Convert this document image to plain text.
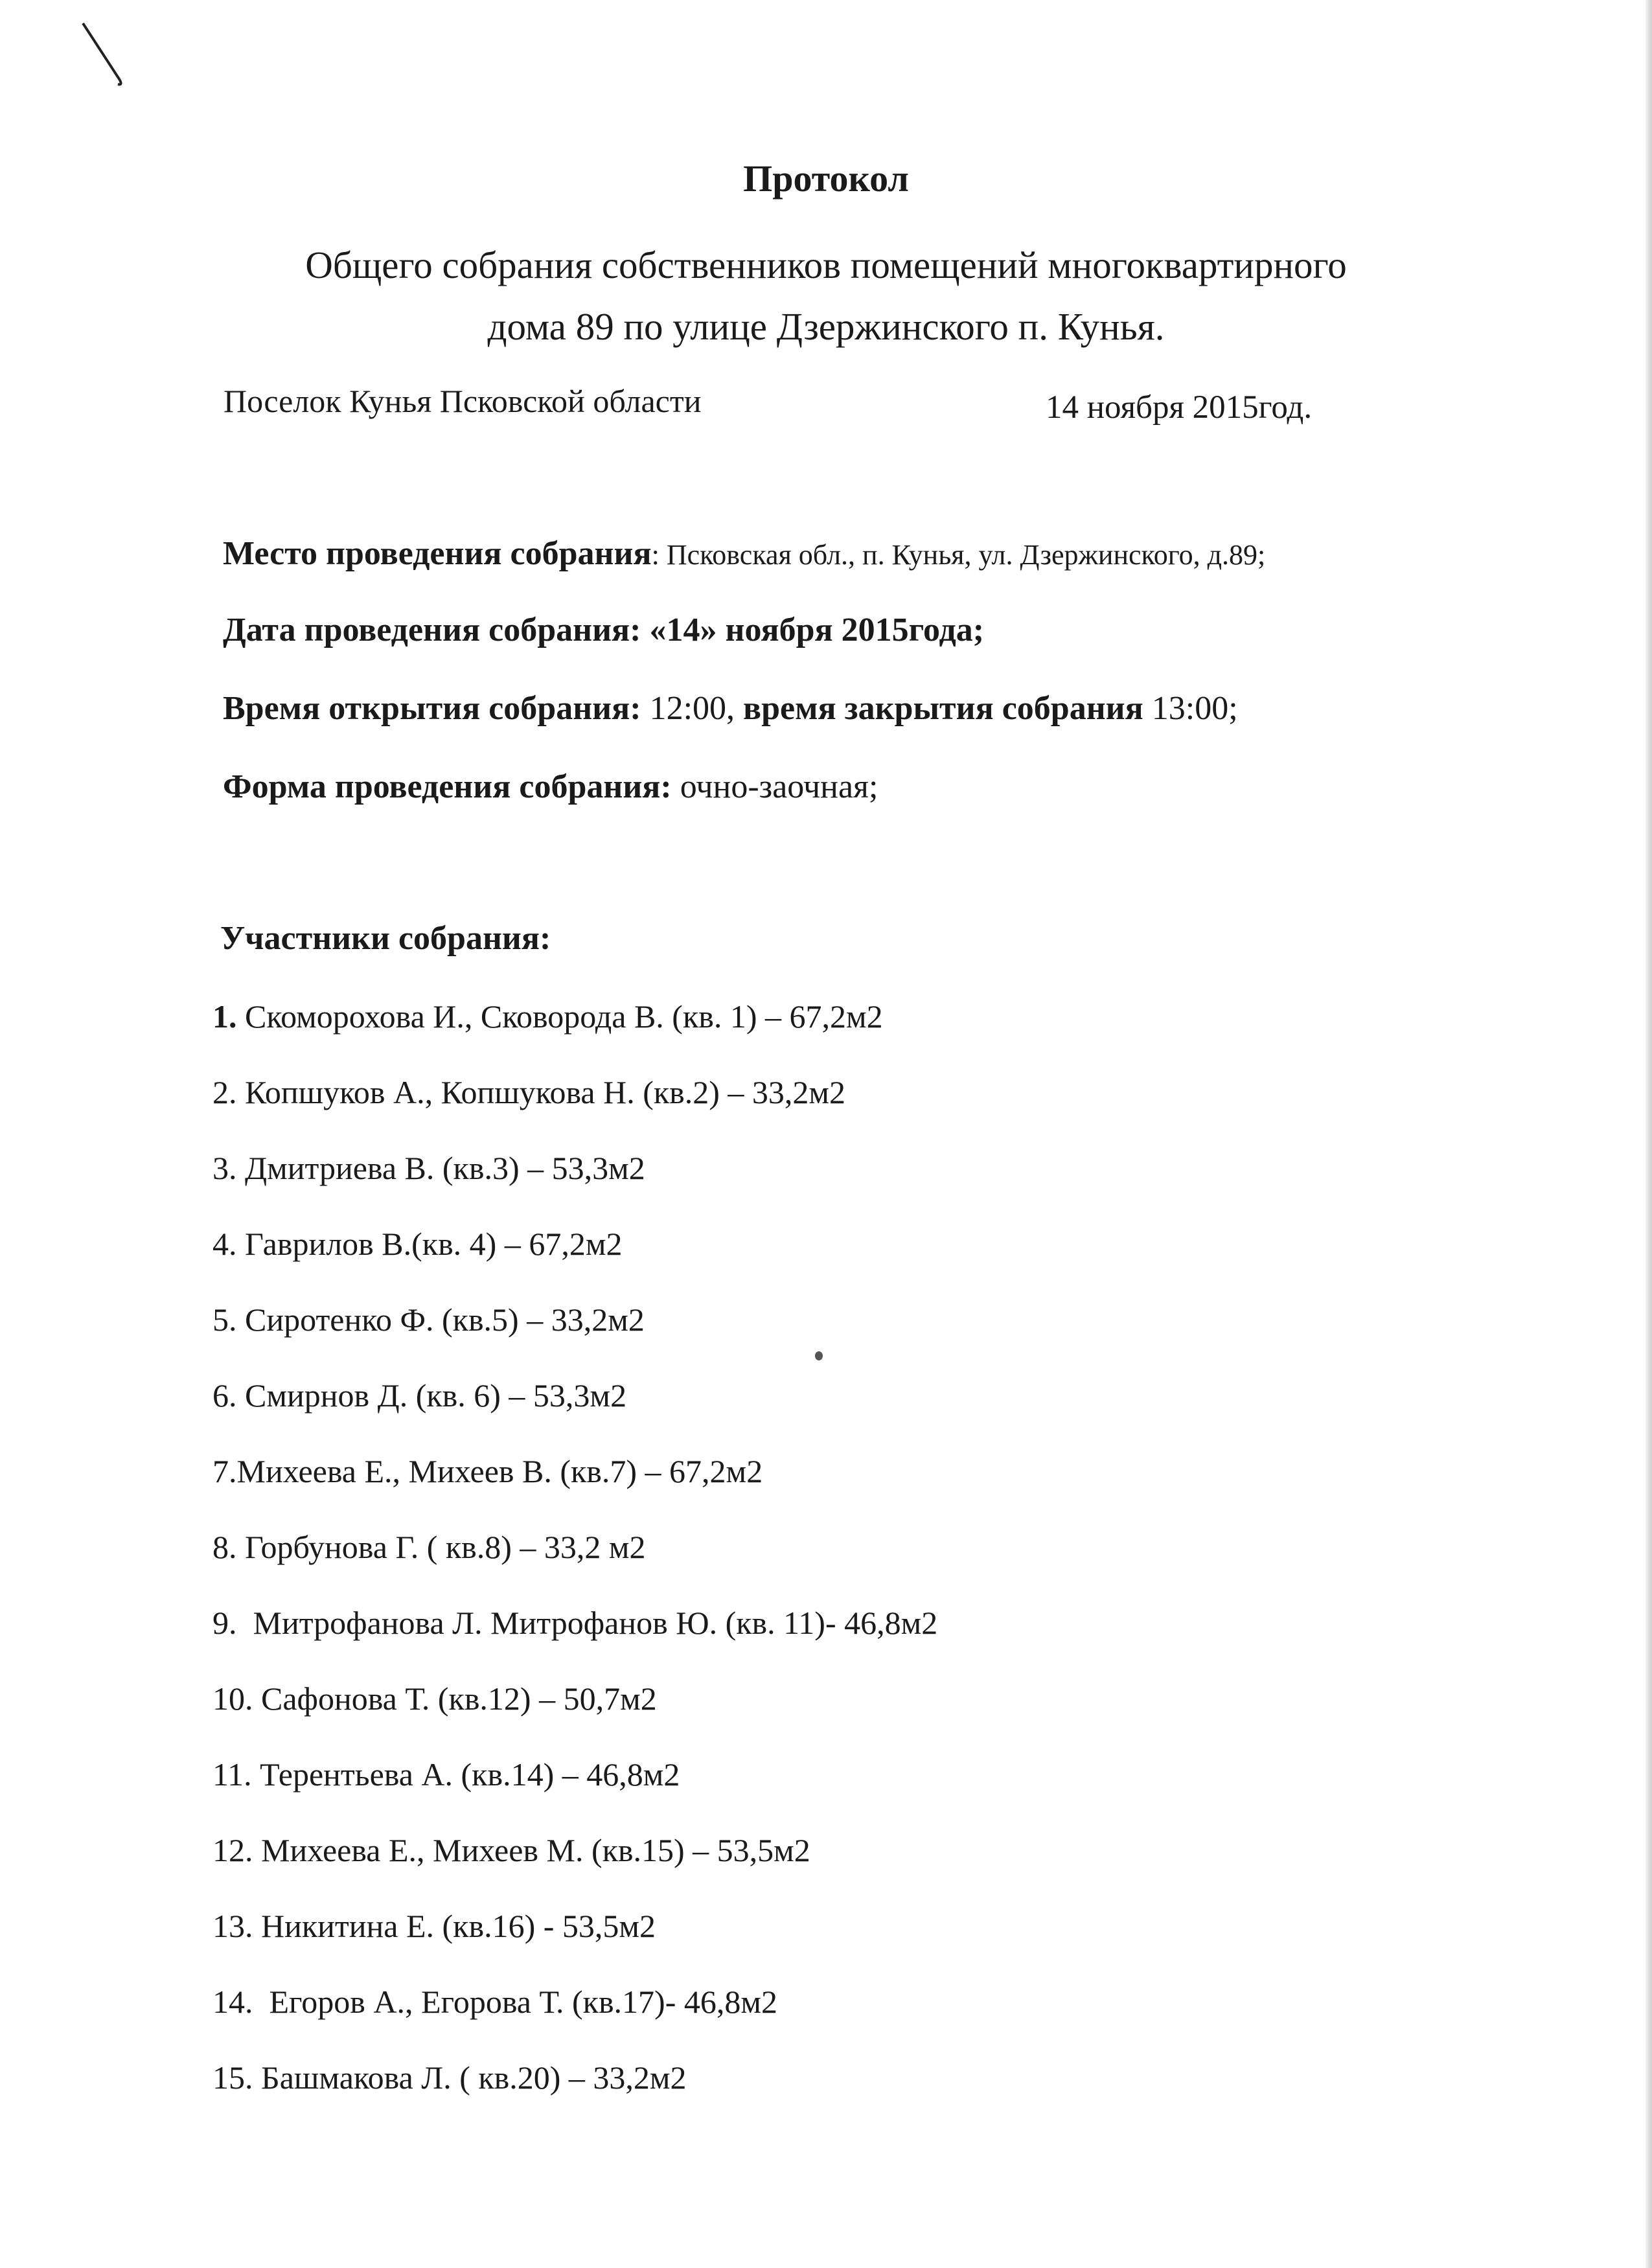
Протокол
Общего собрания собственников помещений многоквартирного
дома 89 по улице Дзержинского п. Кунья.
Поселок Кунья Псковской области	14 ноября 2015год.
Место проведения собрания: Псковская обл., п. Кунья, ул. Дзержинского, д.89;
Дата проведения собрания: «14» ноября 2015года;
Время открытия собрания: 12:00, время закрытия собрания 13:00;
Форма проведения собрания: очно-заочная;
Участники собрания:
1. Скоморохова И., Сковорода В. (кв. 1) – 67,2м2
2. Копшуков А., Копшукова Н. (кв.2) – 33,2м2
3. Дмитриева В. (кв.3) – 53,3м2
4. Гаврилов В.(кв. 4) – 67,2м2
5. Сиротенко Ф. (кв.5) – 33,2м2
6. Смирнов Д. (кв. 6) – 53,3м2
7.Михеева Е., Михеев В. (кв.7) – 67,2м2
8. Горбунова Г. ( кв.8) – 33,2 м2
9.  Митрофанова Л. Митрофанов Ю. (кв. 11)- 46,8м2
10. Сафонова Т. (кв.12) – 50,7м2
11. Терентьева А. (кв.14) – 46,8м2
12. Михеева Е., Михеев М. (кв.15) – 53,5м2
13. Никитина Е. (кв.16) - 53,5м2
14.  Егоров А., Егорова Т. (кв.17)- 46,8м2
15. Башмакова Л. ( кв.20) – 33,2м2
